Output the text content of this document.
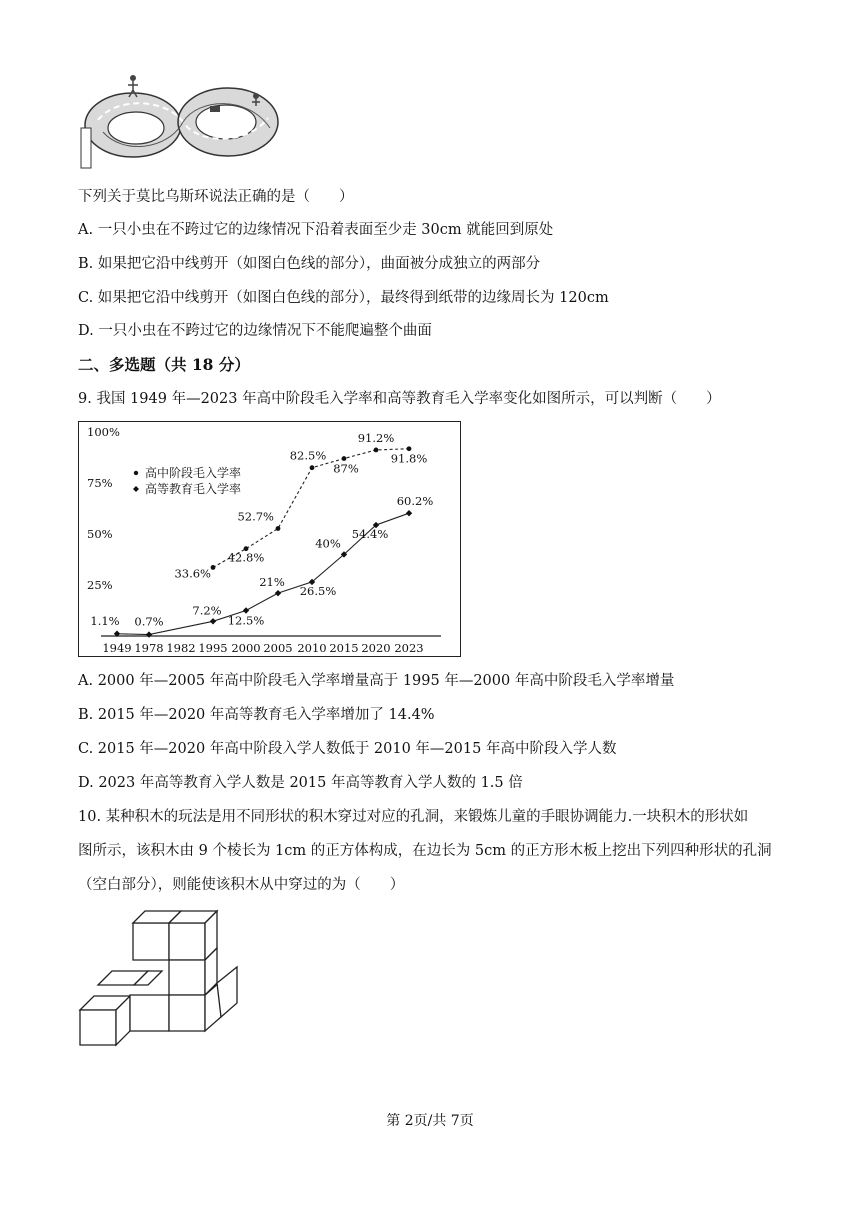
下列关于莫比乌斯环说法正确的是（　　）
A. 一只小虫在不跨过它的边缘情况下沿着表面至少走 30cm 就能回到原处
B. 如果把它沿中线剪开（如图白色线的部分），曲面被分成独立的两部分
C. 如果把它沿中线剪开（如图白色线的部分），最终得到纸带的边缘周长为 120cm
D. 一只小虫在不跨过它的边缘情况下不能爬遍整个曲面
二、多选题（共 18 分）
9. 我国 1949 年—2023 年高中阶段毛入学率和高等教育毛入学率变化如图所示，可以判断（　　）
1949 1978 1982 1995 2000 2005 2010 2015 2020 2023
25%
50%
75%
100%
高中阶段毛入学率
高等教育毛入学率
33.6%
42.8%
52.7%
82.5%
87%
91.2%
91.8%
1.1% 0.7%
7.2%
12.5%
21%
26.5%
40%
54.4%
60.2%
A. 2000 年—2005 年高中阶段毛入学率增量高于 1995 年—2000 年高中阶段毛入学率增量
B. 2015 年—2020 年高等教育毛入学率增加了 14.4%
C. 2015 年—2020 年高中阶段入学人数低于 2010 年—2015 年高中阶段入学人数
D. 2023 年高等教育入学人数是 2015 年高等教育入学人数的 1.5 倍
10. 某种积木的玩法是用不同形状的积木穿过对应的孔洞，来锻炼儿童的手眼协调能力.一块积木的形状如
图所示，该积木由 9 个棱长为 1cm 的正方体构成，在边长为 5cm 的正方形木板上挖出下列四种形状的孔洞
（空白部分），则能使该积木从中穿过的为（　　）
第 2页/共 7页
